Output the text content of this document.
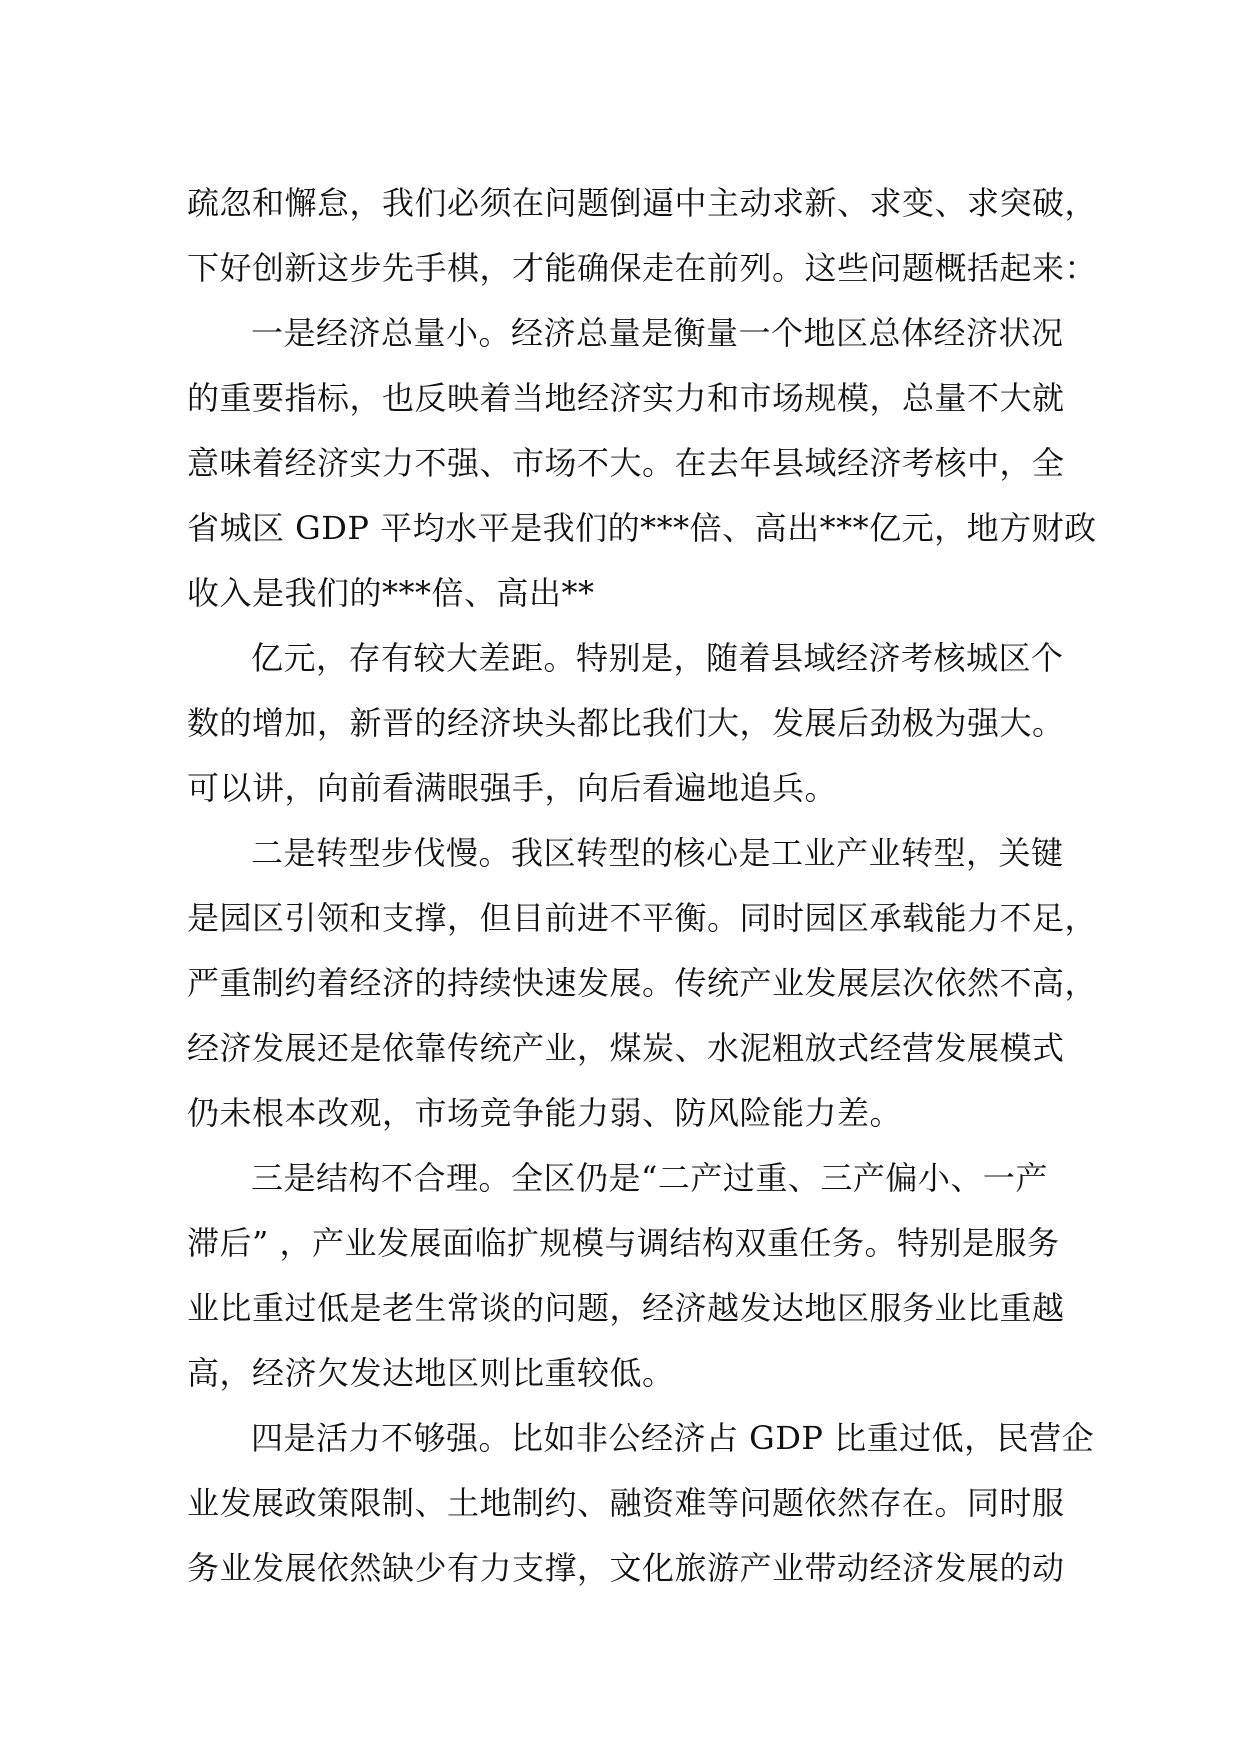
疏忽和懈怠，我们必须在问题倒逼中主动求新、求变、求突破，
下好创新这步先手棋，才能确保走在前列。这些问题概括起来：
一是经济总量小。经济总量是衡量一个地区总体经济状况
的重要指标，也反映着当地经济实力和市场规模，总量不大就
意味着经济实力不强、市场不大。在去年县域经济考核中，全
省城区 GDP 平均水平是我们的***倍、高出***亿元，地方财政
收入是我们的***倍、高出**
亿元，存有较大差距。特别是，随着县域经济考核城区个
数的增加，新晋的经济块头都比我们大，发展后劲极为强大。
可以讲，向前看满眼强手，向后看遍地追兵。
二是转型步伐慢。我区转型的核心是工业产业转型，关键
是园区引领和支撑，但目前进不平衡。同时园区承载能力不足，
严重制约着经济的持续快速发展。传统产业发展层次依然不高，
经济发展还是依靠传统产业，煤炭、水泥粗放式经营发展模式
仍未根本改观，市场竞争能力弱、防风险能力差。
三是结构不合理。全区仍是“二产过重、三产偏小、一产
滞后” ，产业发展面临扩规模与调结构双重任务。特别是服务
业比重过低是老生常谈的问题，经济越发达地区服务业比重越
高，经济欠发达地区则比重较低。
四是活力不够强。比如非公经济占 GDP 比重过低，民营企
业发展政策限制、土地制约、融资难等问题依然存在。同时服
务业发展依然缺少有力支撑，文化旅游产业带动经济发展的动
